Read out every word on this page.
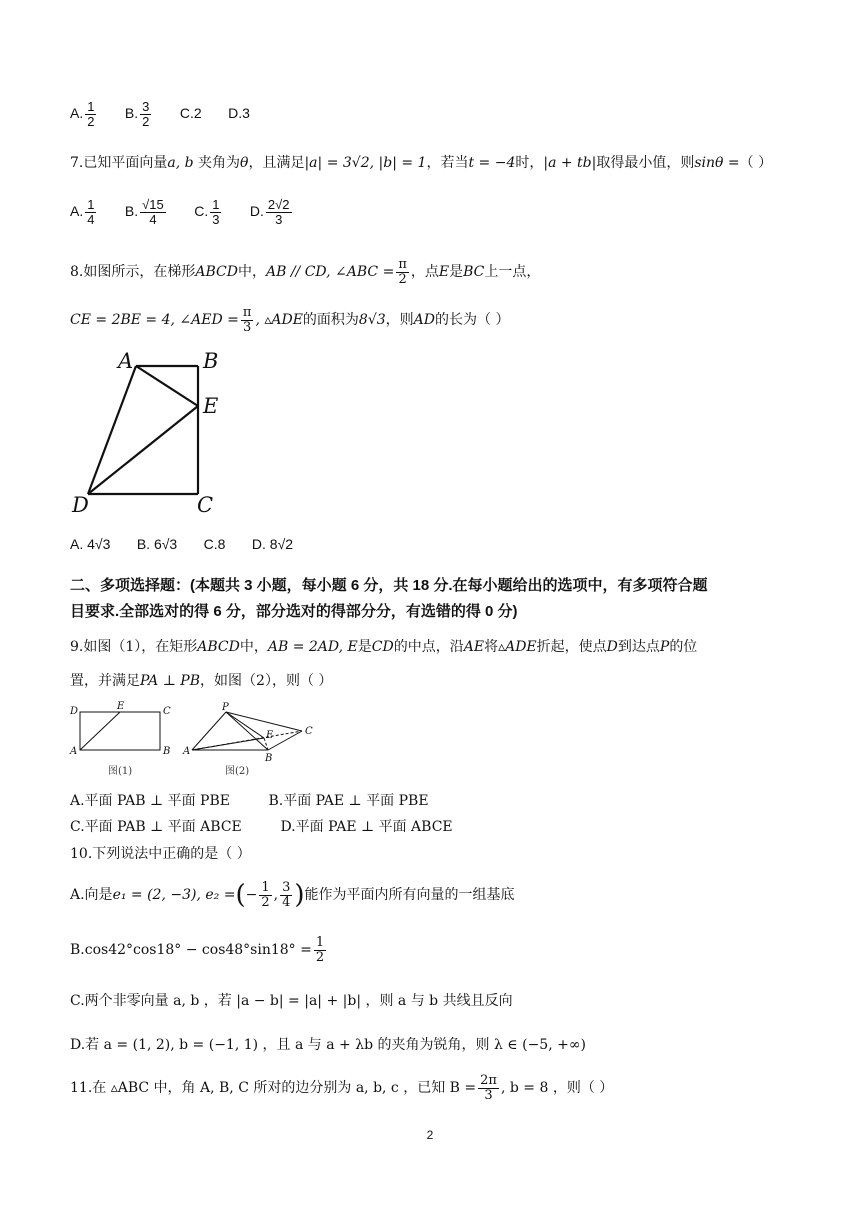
A. $\frac{1}{2} B$. $\frac{3}{2} C.2$ D.3
7.已知平面向量a, b 夹角为θ，且满足|a| = 3√2, |b| = 1，若当t = −4时，|a + tb|取得最小值，则sinθ =（ ）
A. $\frac{1}{4} B$. $\frac{√15}{4} C$. $\frac{1}{3} D$. $\frac{2√2}{3}$
8.如图所示，在梯形ABCD中，AB // CD, ∠ABC = $\frac{\pi}{2}$ ，点E是BC上一点，
CE = 2BE = 4, ∠AED = $\frac{\pi}{3}$ , ▵ADE的面积为8√3，则AD的长为（ ）
A	B
E
D	C
A. 4√3 B. 6√3 C.8 D. 8√2
二、多项选择题：(本题共 3 小题，每小题 6 分，共 18 分.在每小题给出的选项中，有多项符合题
目要求.全部选对的得 6 分，部分选对的得部分分，有选错的得 0 分)
9.如图（1），在矩形ABCD中，AB = 2AD, E是CD的中点，沿AE将▵ADE折起，使点D到达点P的位
置，并满足PA ⊥ PB，如图（2），则（ ）
D	E	C
A	B
图(1)
P
A
E	C
B
图(2)
A.平面 PAB ⊥ 平面 PBE	B.平面 PAE ⊥ 平面 PBE
C.平面 PAB ⊥ 平面 ABCE	D.平面 PAE ⊥ 平面 ABCE
10.下列说法中正确的是（ ）
A.向是e₁ = (2, −3), e₂ =(− $\frac{1}{2}$ , $\frac{3}{4}$ )能作为平面内所有向量的一组基底
$B.\cos 42^\circ\cos 18^\circ - \cos 48^\circ\sin 18^\circ = \frac{1}{2}$
C.两个非零向量 a, b ，若 |a − b| = |a| + |b| ，则 a 与 b 共线且反向
D.若 a = (1, 2), b = (−1, 1) ，且 a 与 a + λb 的夹角为锐角，则 λ ∈ (−5, +∞)
11.在 ▵ABC 中，角 A, B, C 所对的边分别为 a, b, c ，已知 $B = \frac{2\pi}{3}$ , b = 8 ，则（ ）
2
